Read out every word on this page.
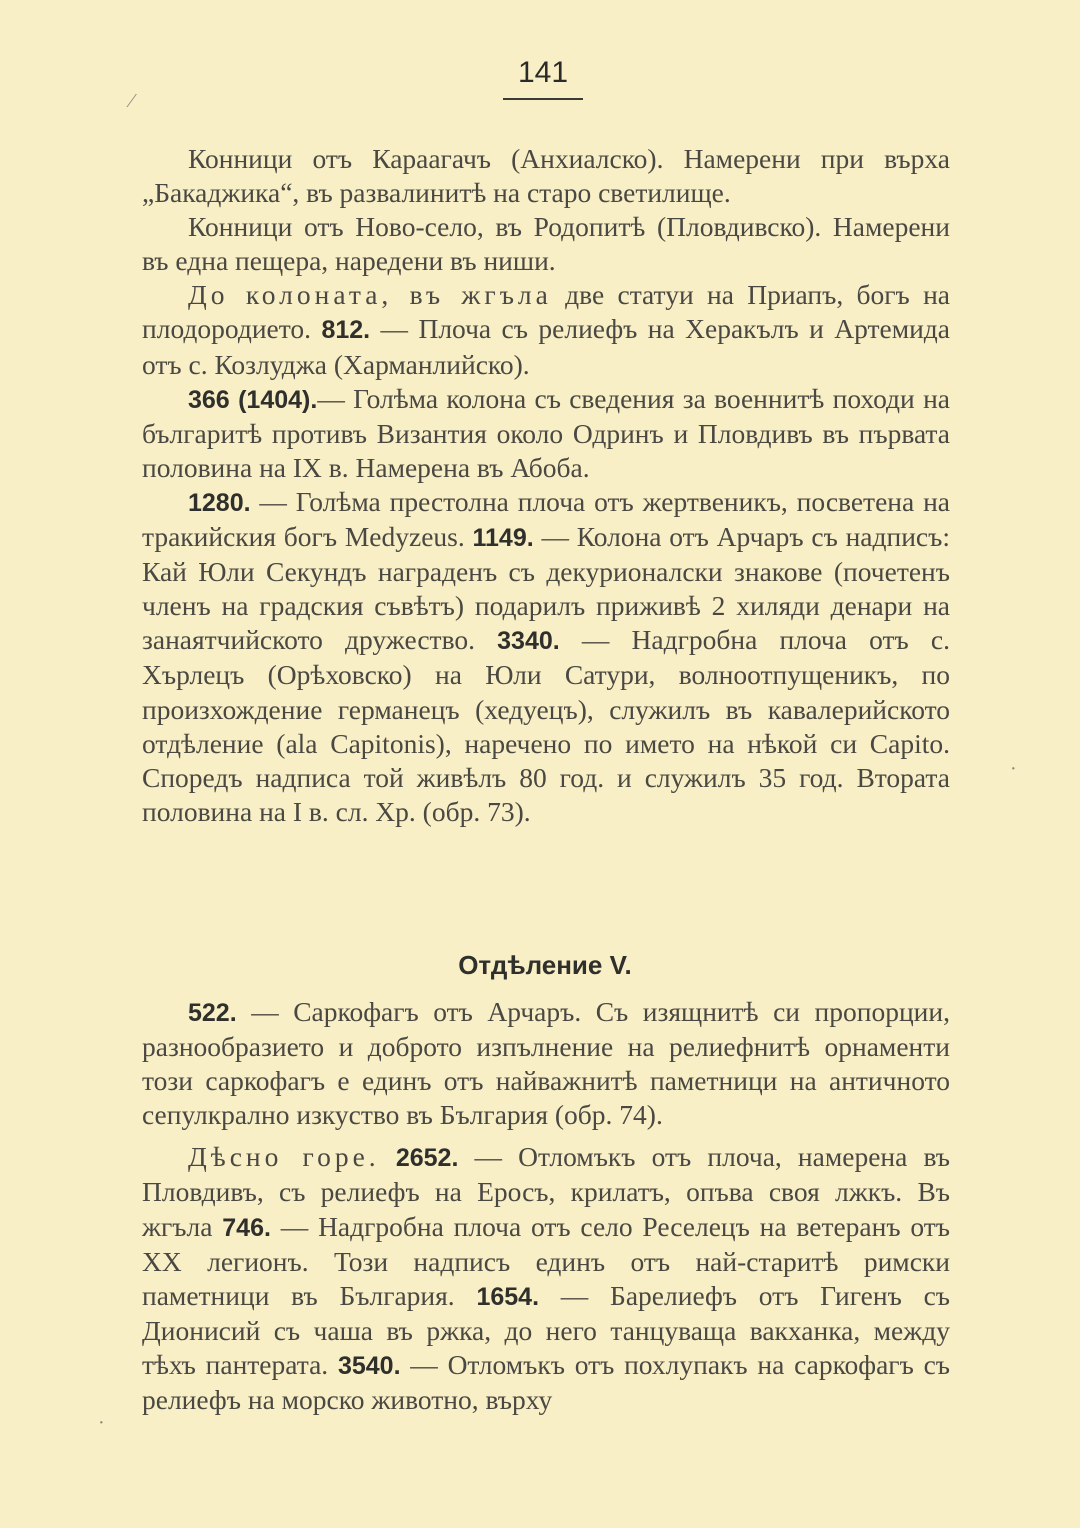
141

Конници отъ Караагачъ (Анхиалско). Намерени при върха „Бакаджика“, въ развалинитѣ на старо светилище.

Конници отъ Ново-село, въ Родопитѣ (Пловдивско). Намерени въ една пещера, наредени въ ниши.

До колоната, въ жгъла две статуи на Приапъ, богъ на плодородието. 812. — Плоча съ релиефъ на Херакълъ и Артемида отъ с. Козлуджа (Харманлийско).

366 (1404).— Голѣма колона съ сведения за военнитѣ походи на българитѣ противъ Византия около Одринъ и Пловдивъ въ първата половина на IX в. Намерена въ Абоба.

1280. — Голѣма престолна плоча отъ жертвеникъ, посветена на тракийския богъ Medyzeus. 1149. — Колона отъ Арчаръ съ надписъ: Кай Юли Секундъ награденъ съ декурионалски знакове (почетенъ членъ на градския съвѣтъ) подарилъ приживѣ 2 хиляди денари на занаятчийското дружество. 3340. — Надгробна плоча отъ с. Хърлецъ (Орѣховско) на Юли Сатури, волноотпущеникъ, по произхождение германецъ (хедуецъ), служилъ въ кавалерийското отдѣление (ala Capitonis), наречено по името на нѣкой си Capito. Споредъ надписа той живѣлъ 80 год. и служилъ 35 год. Втората половина на I в. сл. Хр. (обр. 73).

Отдѣление V.

522. — Саркофагъ отъ Арчаръ. Съ изящнитѣ си пропорции, разнообразието и доброто изпълнение на релиефнитѣ орнаменти този саркофагъ е единъ отъ найважнитѣ паметници на античното сепулкрално изкуство въ България (обр. 74).

Дѣсно горе. 2652. — Отломъкъ отъ плоча, намерена въ Пловдивъ, съ релиефъ на Еросъ, крилатъ, опъва своя лжкъ. Въ жгъла 746. — Надгробна плоча отъ село Реселецъ на ветеранъ отъ XX легионъ. Този надписъ единъ отъ най-старитѣ римски паметници въ България. 1654. — Барелиефъ отъ Гигенъ съ Дионисий съ чаша въ ржка, до него танцуваща вакханка, между тѣхъ пантерата. 3540. — Отломъкъ отъ похлупакъ на саркофагъ съ релиефъ на морско животно, върху

⁄
·
·
